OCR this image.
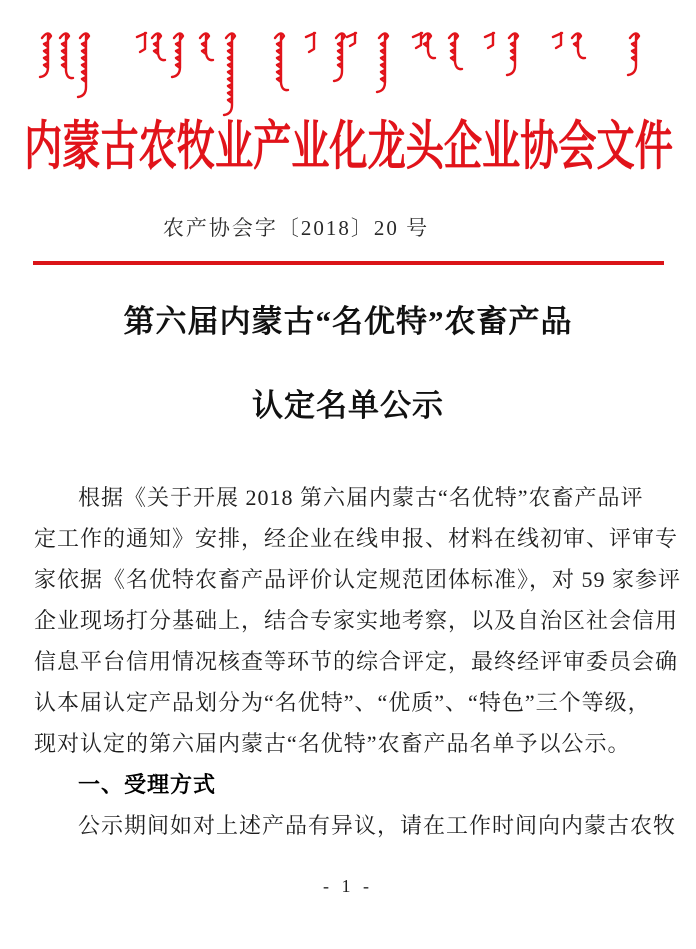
内蒙古农牧业产业化龙头企业协会文件
农产协会字〔2018〕20 号
第六届内蒙古“名优特”农畜产品
认定名单公示
根据《关于开展 2018 第六届内蒙古“名优特”农畜产品评
定工作的通知》安排，经企业在线申报、材料在线初审、评审专
家依据《名优特农畜产品评价认定规范团体标准》，对 59 家参评
企业现场打分基础上，结合专家实地考察，以及自治区社会信用
信息平台信用情况核查等环节的综合评定，最终经评审委员会确
认本届认定产品划分为“名优特”、“优质”、“特色”三个等级，
现对认定的第六届内蒙古“名优特”农畜产品名单予以公示。
一、受理方式
公示期间如对上述产品有异议，请在工作时间向内蒙古农牧
- 1 -
